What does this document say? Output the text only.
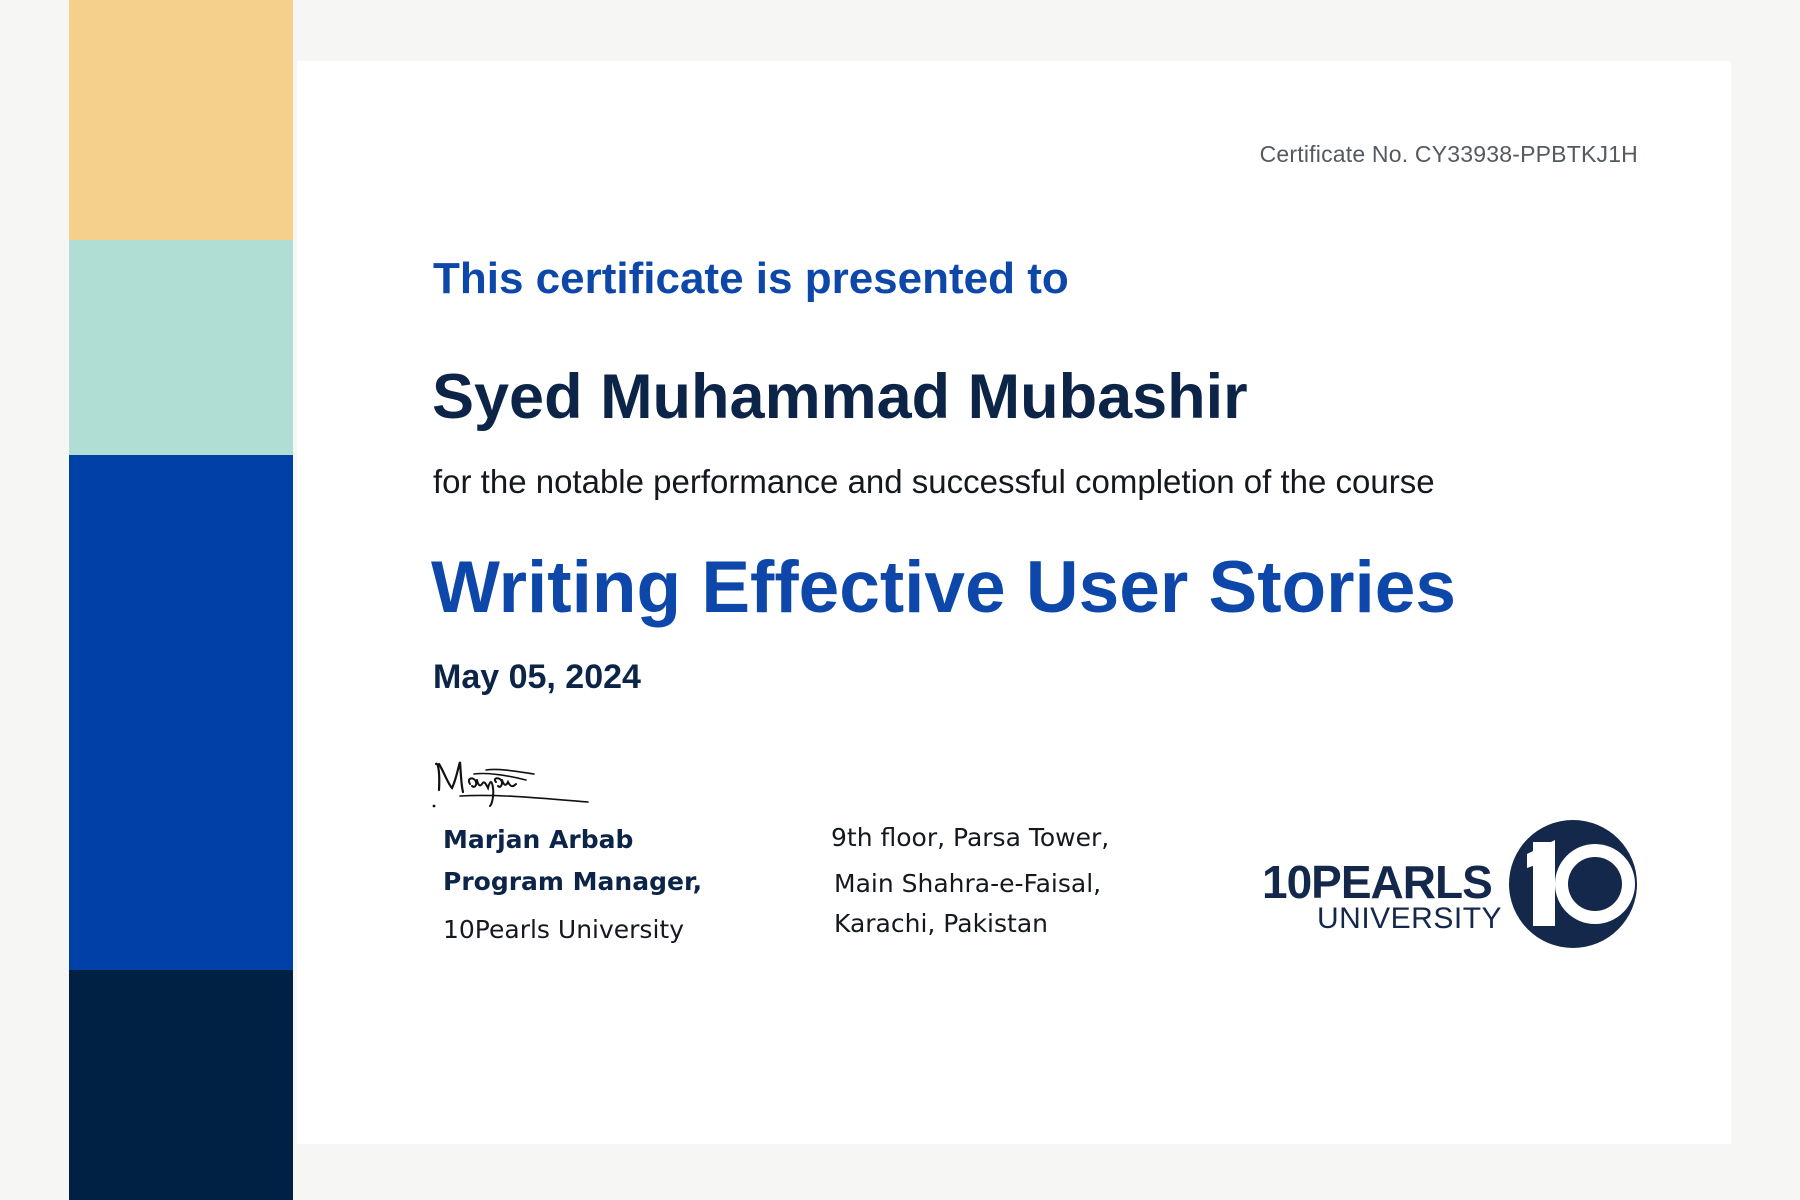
Certificate No. CY33938-PPBTKJ1H
This certificate is presented to
Syed Muhammad Mubashir
for the notable performance and successful completion of the course
Writing Effective User Stories
May 05, 2024
Marjan Arbab
Program Manager,
10Pearls University
9th floor, Parsa Tower,
Main Shahra-e-Faisal,
Karachi, Pakistan
10PEARLS
UNIVERSITY
